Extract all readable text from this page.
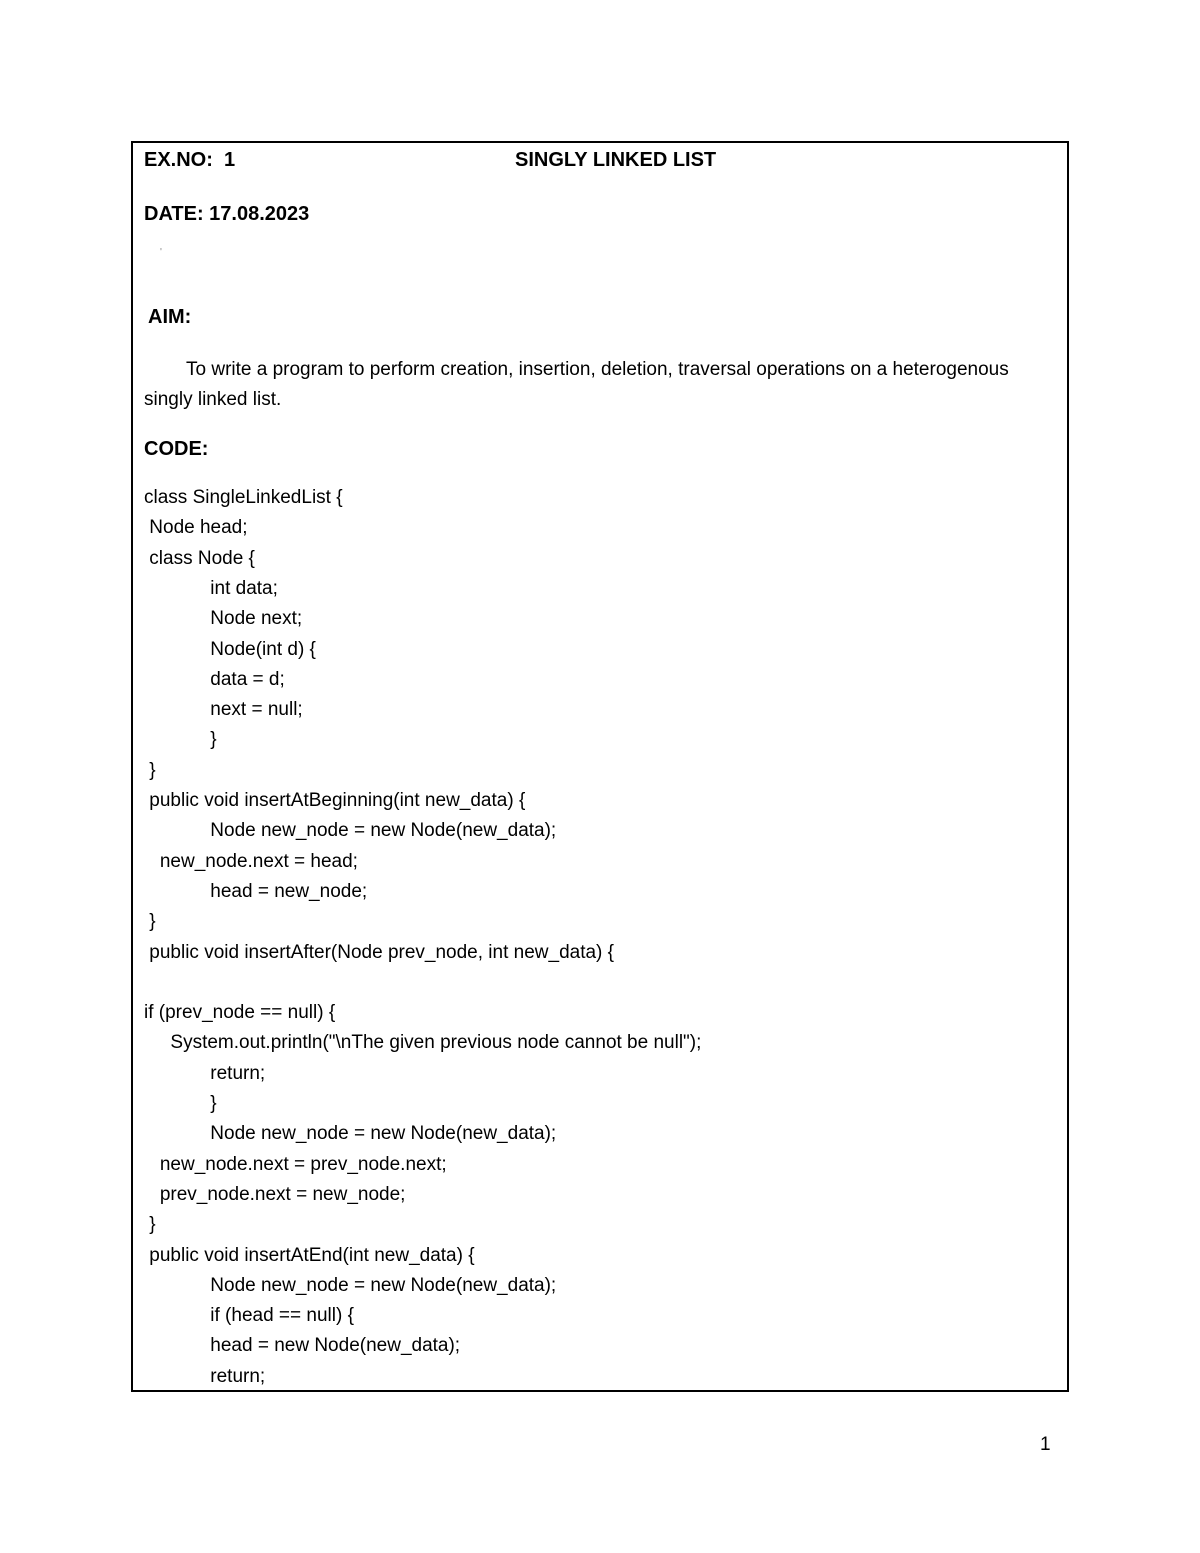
EX.NO:  1	SINGLY LINKED LIST
DATE: 17.08.2023
'
AIM:
To write a program to perform creation, insertion, deletion, traversal operations on a heterogenous singly linked list.
CODE:
class SingleLinkedList {
Node head;
class Node {
int data;
Node next;
Node(int d) {
data = d;
next = null;
}
}
public void insertAtBeginning(int new_data) {
Node new_node = new Node(new_data);
new_node.next = head;
head = new_node;
}
public void insertAfter(Node prev_node, int new_data) {
if (prev_node == null) {
System.out.println("\nThe given previous node cannot be null");
return;
}
Node new_node = new Node(new_data);
new_node.next = prev_node.next;
prev_node.next = new_node;
}
public void insertAtEnd(int new_data) {
Node new_node = new Node(new_data);
if (head == null) {
head = new Node(new_data);
return;
1
